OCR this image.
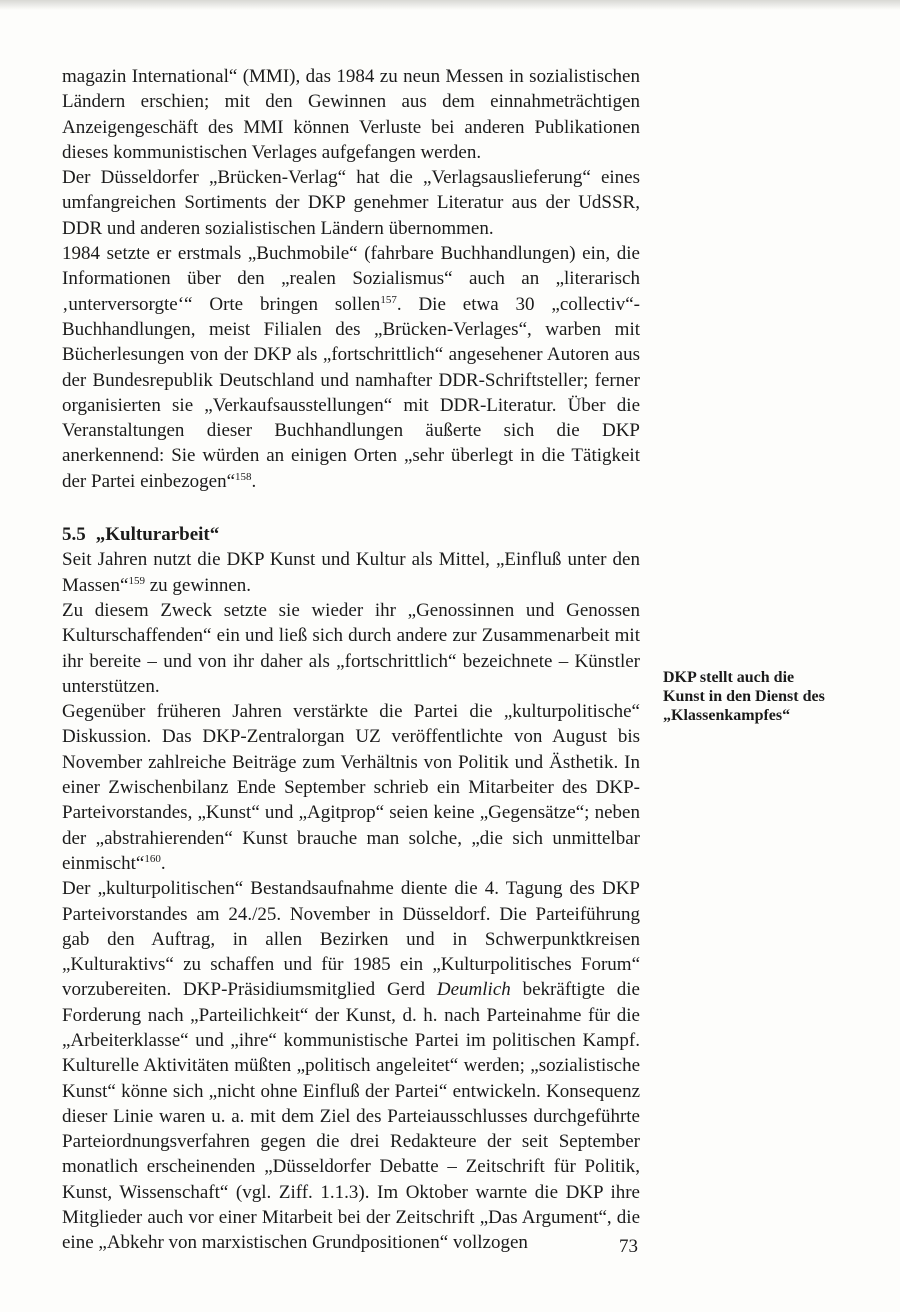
magazin International“ (MMI), das 1984 zu neun Messen in sozialistischen Ländern erschien; mit den Gewinnen aus dem einnahmeträchtigen Anzeigengeschäft des MMI können Verluste bei anderen Publikationen dieses kommunistischen Verlages aufgefangen werden.

Der Düsseldorfer „Brücken-Verlag“ hat die „Verlagsauslieferung“ eines umfangreichen Sortiments der DKP genehmer Literatur aus der UdSSR, DDR und anderen sozialistischen Ländern übernommen.

1984 setzte er erstmals „Buchmobile“ (fahrbare Buchhandlungen) ein, die Informationen über den „realen Sozialismus“ auch an „literarisch ‚unterversorgte‘“ Orte bringen sollen$^{157}$. Die etwa 30 „collectiv“-Buchhandlungen, meist Filialen des „Brücken-Verlages“, warben mit Bücherlesungen von der DKP als „fortschrittlich“ angesehener Autoren aus der Bundesrepublik Deutschland und namhafter DDR-Schriftsteller; ferner organisierten sie „Verkaufsausstellungen“ mit DDR-Literatur. Über die Veranstaltungen dieser Buchhandlungen äußerte sich die DKP anerkennend: Sie würden an einigen Orten „sehr überlegt in die Tätigkeit der Partei einbezogen“$^{158}$.

5.5 „Kulturarbeit“

Seit Jahren nutzt die DKP Kunst und Kultur als Mittel, „Einfluß unter den Massen“$^{159}$ zu gewinnen.

Zu diesem Zweck setzte sie wieder ihr „Genossinnen und Genossen Kulturschaffenden“ ein und ließ sich durch andere zur Zusammenarbeit mit ihr bereite – und von ihr daher als „fortschrittlich“ bezeichnete – Künstler unterstützen.

Gegenüber früheren Jahren verstärkte die Partei die „kulturpolitische“ Diskussion. Das DKP-Zentralorgan UZ veröffentlichte von August bis November zahlreiche Beiträge zum Verhältnis von Politik und Ästhetik. In einer Zwischenbilanz Ende September schrieb ein Mitarbeiter des DKP-Parteivorstandes, „Kunst“ und „Agitprop“ seien keine „Gegensätze“; neben der „abstrahierenden“ Kunst brauche man solche, „die sich unmittelbar einmischt“$^{160}$.

Der „kulturpolitischen“ Bestandsaufnahme diente die 4. Tagung des DKP Parteivorstandes am 24./25. November in Düsseldorf. Die Parteiführung gab den Auftrag, in allen Bezirken und in Schwerpunktkreisen „Kulturaktivs“ zu schaffen und für 1985 ein „Kulturpolitisches Forum“ vorzubereiten. DKP-Präsidiumsmitglied Gerd Deumlich bekräftigte die Forderung nach „Parteilichkeit“ der Kunst, d. h. nach Parteinahme für die „Arbeiterklasse“ und „ihre“ kommunistische Partei im politischen Kampf. Kulturelle Aktivitäten müßten „politisch angeleitet“ werden; „sozialistische Kunst“ könne sich „nicht ohne Einfluß der Partei“ entwickeln. Konsequenz dieser Linie waren u. a. mit dem Ziel des Parteiausschlusses durchgeführte Parteiordnungsverfahren gegen die drei Redakteure der seit September monatlich erscheinenden „Düsseldorfer Debatte – Zeitschrift für Politik, Kunst, Wissenschaft“ (vgl. Ziff. 1.1.3). Im Oktober warnte die DKP ihre Mitglieder auch vor einer Mitarbeit bei der Zeitschrift „Das Argument“, die eine „Abkehr von marxistischen Grundpositionen“ vollzogen

DKP stellt auch die Kunst in den Dienst des „Klassenkampfes“
73
